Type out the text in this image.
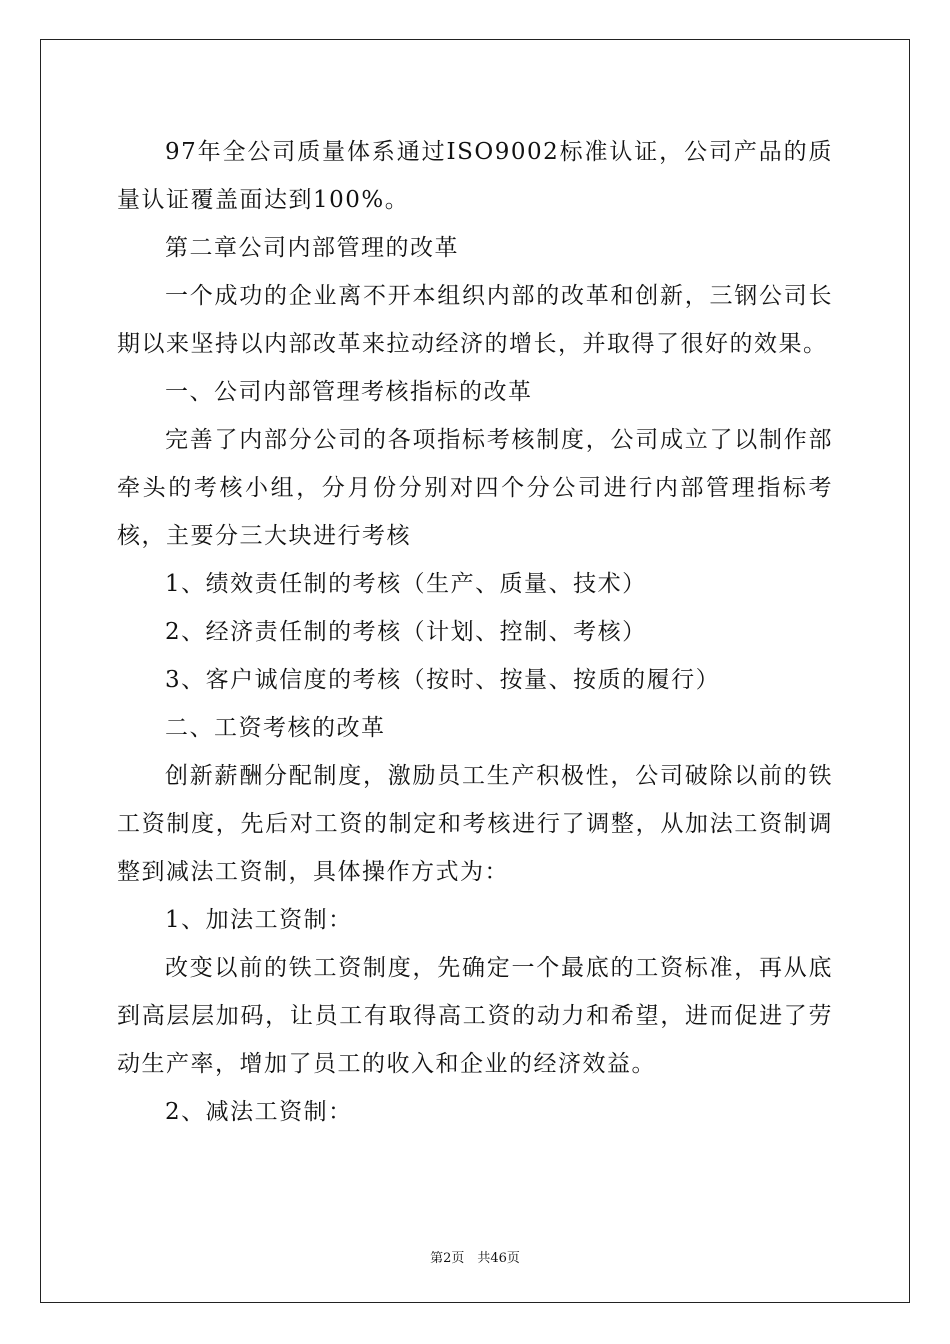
97年全公司质量体系通过ISO9002标准认证，公司产品的质量认证覆盖面达到100%。

第二章公司内部管理的改革

一个成功的企业离不开本组织内部的改革和创新，三钢公司长期以来坚持以内部改革来拉动经济的增长，并取得了很好的效果。

一、公司内部管理考核指标的改革

完善了内部分公司的各项指标考核制度，公司成立了以制作部牵头的考核小组，分月份分别对四个分公司进行内部管理指标考核，主要分三大块进行考核

1、绩效责任制的考核（生产、质量、技术）

2、经济责任制的考核（计划、控制、考核）

3、客户诚信度的考核（按时、按量、按质的履行）

二、工资考核的改革

创新薪酬分配制度，激励员工生产积极性，公司破除以前的铁工资制度，先后对工资的制定和考核进行了调整，从加法工资制调整到减法工资制，具体操作方式为：

1、加法工资制：

改变以前的铁工资制度，先确定一个最底的工资标准，再从底到高层层加码，让员工有取得高工资的动力和希望，进而促进了劳动生产率，增加了员工的收入和企业的经济效益。

2、减法工资制：

第2页　共46页
